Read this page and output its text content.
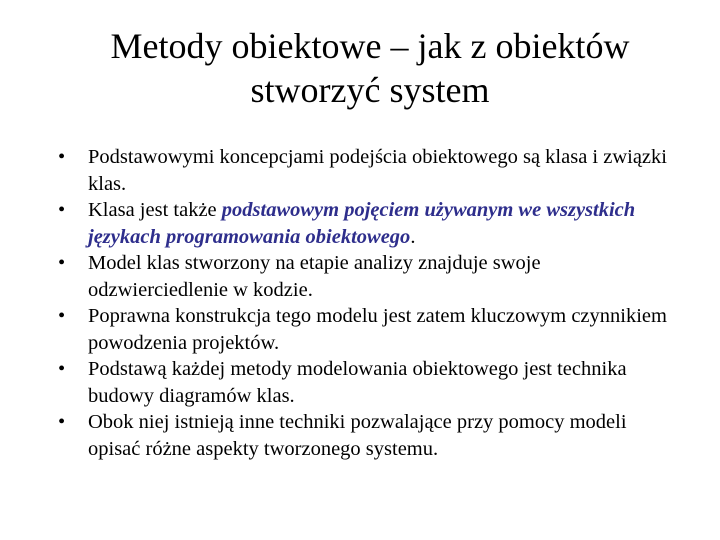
Metody obiektowe – jak z obiektów
stworzyć system
•	Podstawowymi koncepcjami podejścia obiektowego są klasa i związki klas.
•	Klasa jest także podstawowym pojęciem używanym we wszystkich językach programowania obiektowego.
•	Model klas stworzony na etapie analizy znajduje swoje odzwierciedlenie w kodzie.
•	Poprawna konstrukcja tego modelu jest zatem kluczowym czynnikiem powodzenia projektów.
•	Podstawą każdej metody modelowania obiektowego jest technika budowy diagramów klas.
•	Obok niej istnieją inne techniki pozwalające przy pomocy modeli opisać różne aspekty tworzonego systemu.
